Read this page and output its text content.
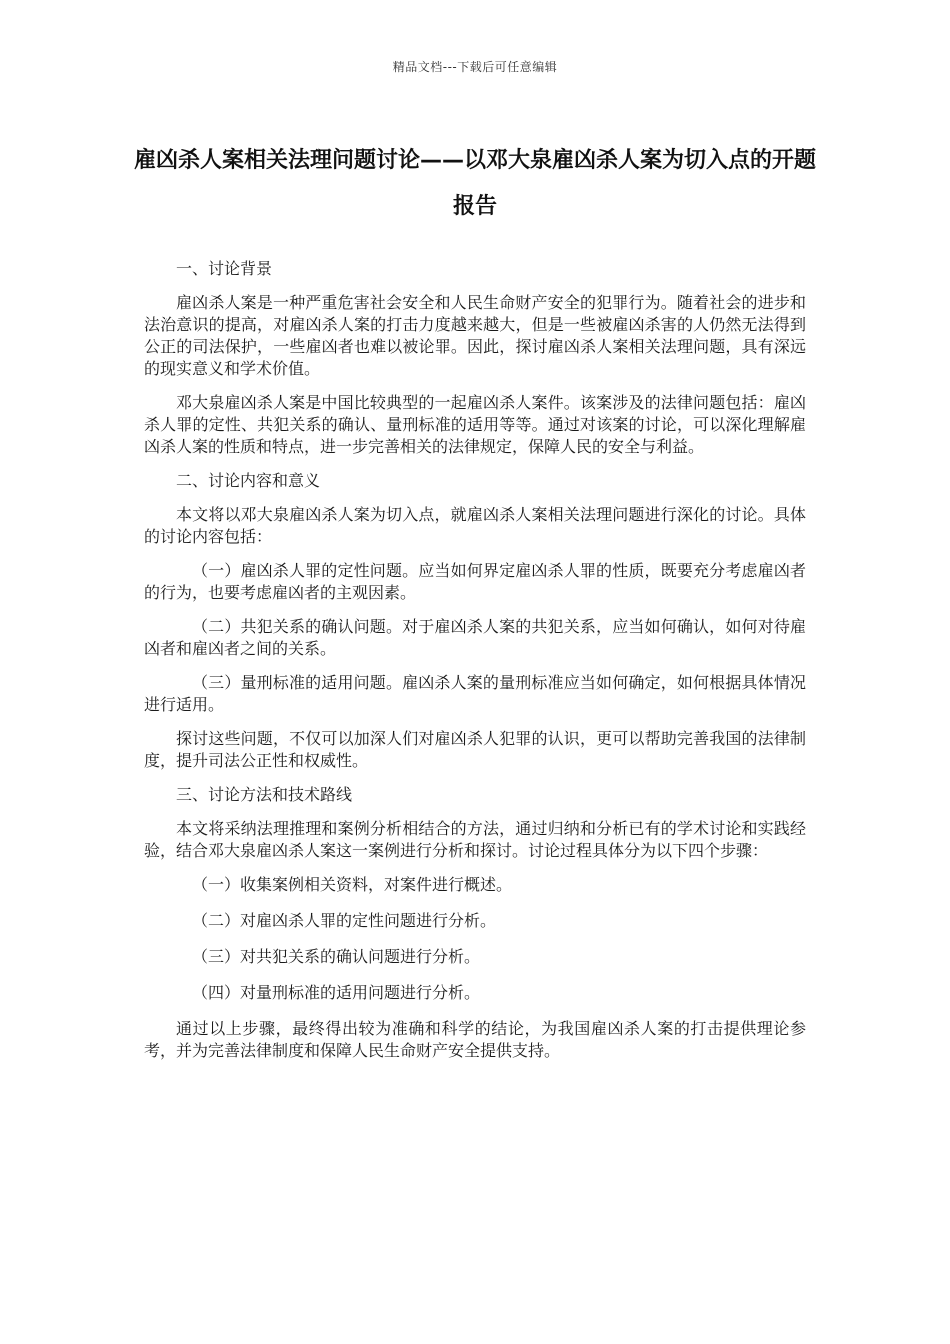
精品文档---下载后可任意编辑
雇凶杀人案相关法理问题讨论——以邓大泉雇凶杀人案为切入点的开题报告

一、讨论背景

雇凶杀人案是一种严重危害社会安全和人民生命财产安全的犯罪行为。随着社会的进步和法治意识的提高，对雇凶杀人案的打击力度越来越大，但是一些被雇凶杀害的人仍然无法得到公正的司法保护，一些雇凶者也难以被论罪。因此，探讨雇凶杀人案相关法理问题，具有深远的现实意义和学术价值。

邓大泉雇凶杀人案是中国比较典型的一起雇凶杀人案件。该案涉及的法律问题包括：雇凶杀人罪的定性、共犯关系的确认、量刑标准的适用等等。通过对该案的讨论，可以深化理解雇凶杀人案的性质和特点，进一步完善相关的法律规定，保障人民的安全与利益。

二、讨论内容和意义

本文将以邓大泉雇凶杀人案为切入点，就雇凶杀人案相关法理问题进行深化的讨论。具体的讨论内容包括：

（一）雇凶杀人罪的定性问题。应当如何界定雇凶杀人罪的性质，既要充分考虑雇凶者的行为，也要考虑雇凶者的主观因素。

（二）共犯关系的确认问题。对于雇凶杀人案的共犯关系，应当如何确认，如何对待雇凶者和雇凶者之间的关系。

（三）量刑标准的适用问题。雇凶杀人案的量刑标准应当如何确定，如何根据具体情况进行适用。

探讨这些问题，不仅可以加深人们对雇凶杀人犯罪的认识，更可以帮助完善我国的法律制度，提升司法公正性和权威性。

三、讨论方法和技术路线

本文将采纳法理推理和案例分析相结合的方法，通过归纳和分析已有的学术讨论和实践经验，结合邓大泉雇凶杀人案这一案例进行分析和探讨。讨论过程具体分为以下四个步骤：

（一）收集案例相关资料，对案件进行概述。

（二）对雇凶杀人罪的定性问题进行分析。

（三）对共犯关系的确认问题进行分析。

（四）对量刑标准的适用问题进行分析。

通过以上步骤，最终得出较为准确和科学的结论，为我国雇凶杀人案的打击提供理论参考，并为完善法律制度和保障人民生命财产安全提供支持。
